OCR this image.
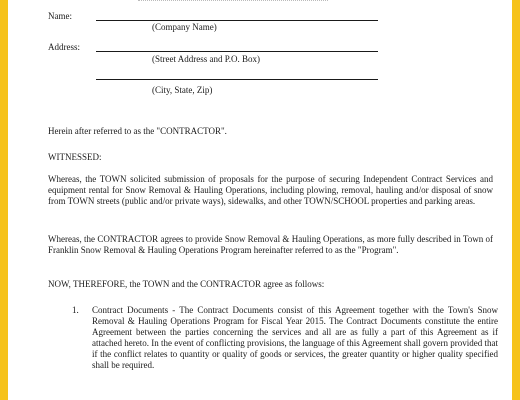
Name:
(Company Name)
Address:
(Street Address and P.O. Box)
(City, State, Zip)

Herein after referred to as the "CONTRACTOR".

WITNESSED:

Whereas, the TOWN solicited submission of proposals for the purpose of securing Independent Contract Services and equipment rental for Snow Removal & Hauling Operations, including plowing, removal, hauling and/or disposal of snow from TOWN streets (public and/or private ways), sidewalks, and other TOWN/SCHOOL properties and parking areas.

Whereas, the CONTRACTOR agrees to provide Snow Removal & Hauling Operations, as more fully described in Town of Franklin Snow Removal & Hauling Operations Program hereinafter referred to as the "Program".

NOW, THEREFORE, the TOWN and the CONTRACTOR agree as follows:

1. Contract Documents - The Contract Documents consist of this Agreement together with the Town's Snow Removal & Hauling Operations Program for Fiscal Year 2015. The Contract Documents constitute the entire Agreement between the parties concerning the services and all are as fully a part of this Agreement as if attached hereto. In the event of conflicting provisions, the language of this Agreement shall govern provided that if the conflict relates to quantity or quality of goods or services, the greater quantity or higher quality specified shall be required.
